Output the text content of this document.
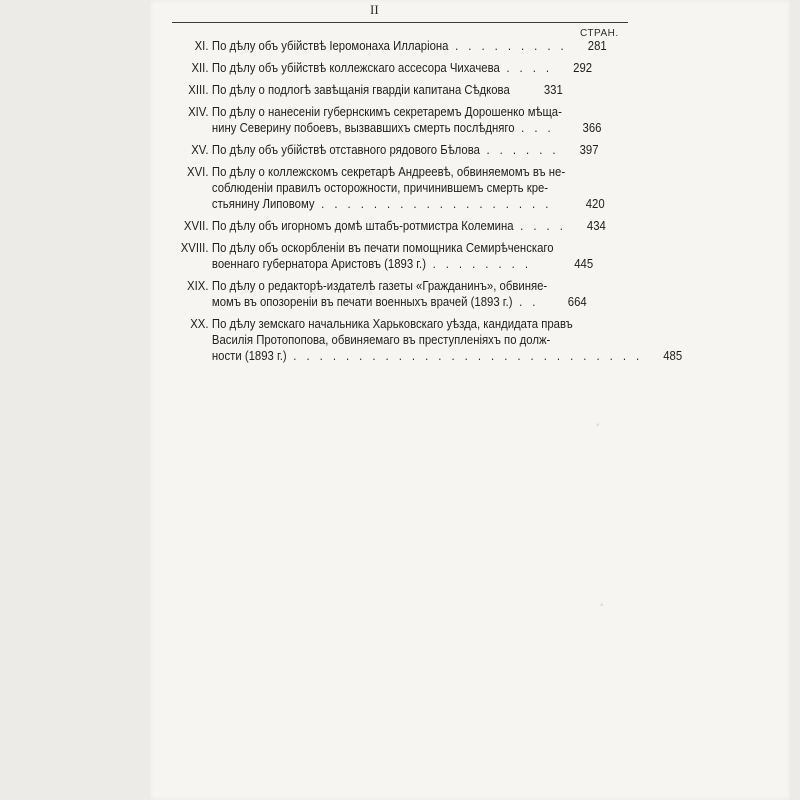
II
СТРАН.
XI. По дѣлу объ убійствѣ Іеромонаха Илларіона . . . . . . . . .	281
XII. По дѣлу объ убійствѣ коллежскаго ассесора Чихачева . . . .	292
XIII. По дѣлу о подлогѣ завѣщанія гвардіи капитана Сѣдкова	331
XIV. По дѣлу о нанесеніи губернскимъ секретаремъ Дорошенко мѣща-
нину Северину побоевъ, вызвавшихъ смерть послѣдняго . . .	366
XV. По дѣлу объ убійствѣ отставного рядового Бѣлова . . . . . .	397
XVI. По дѣлу о коллежскомъ секретарѣ Андреевѣ, обвиняемомъ въ не-
соблюденіи правилъ осторожности, причинившемъ смерть кре-
стьянину Липовому . . . . . . . . . . . . . . . . . .	420
XVII. По дѣлу объ игорномъ домѣ штабъ-ротмистра Колемина . . . .	434
XVIII. По дѣлу объ оскорбленіи въ печати помощника Семирѣченскаго
военнаго губернатора Аристовъ (1893 г.) . . . . . . . .	445
XIX. По дѣлу о редакторѣ-издателѣ газеты «Гражданинъ», обвиняе-
момъ въ опозореніи въ печати военныхъ врачей (1893 г.) . .	664
XX. По дѣлу земскаго начальника Харьковскаго уѣзда, кандидата правъ
Василія Протопопова, обвиняемаго въ преступленіяхъ по долж-
ности (1893 г.) . . . . . . . . . . . . . . . . . . . . . . . . . . .	485
▪
▪
